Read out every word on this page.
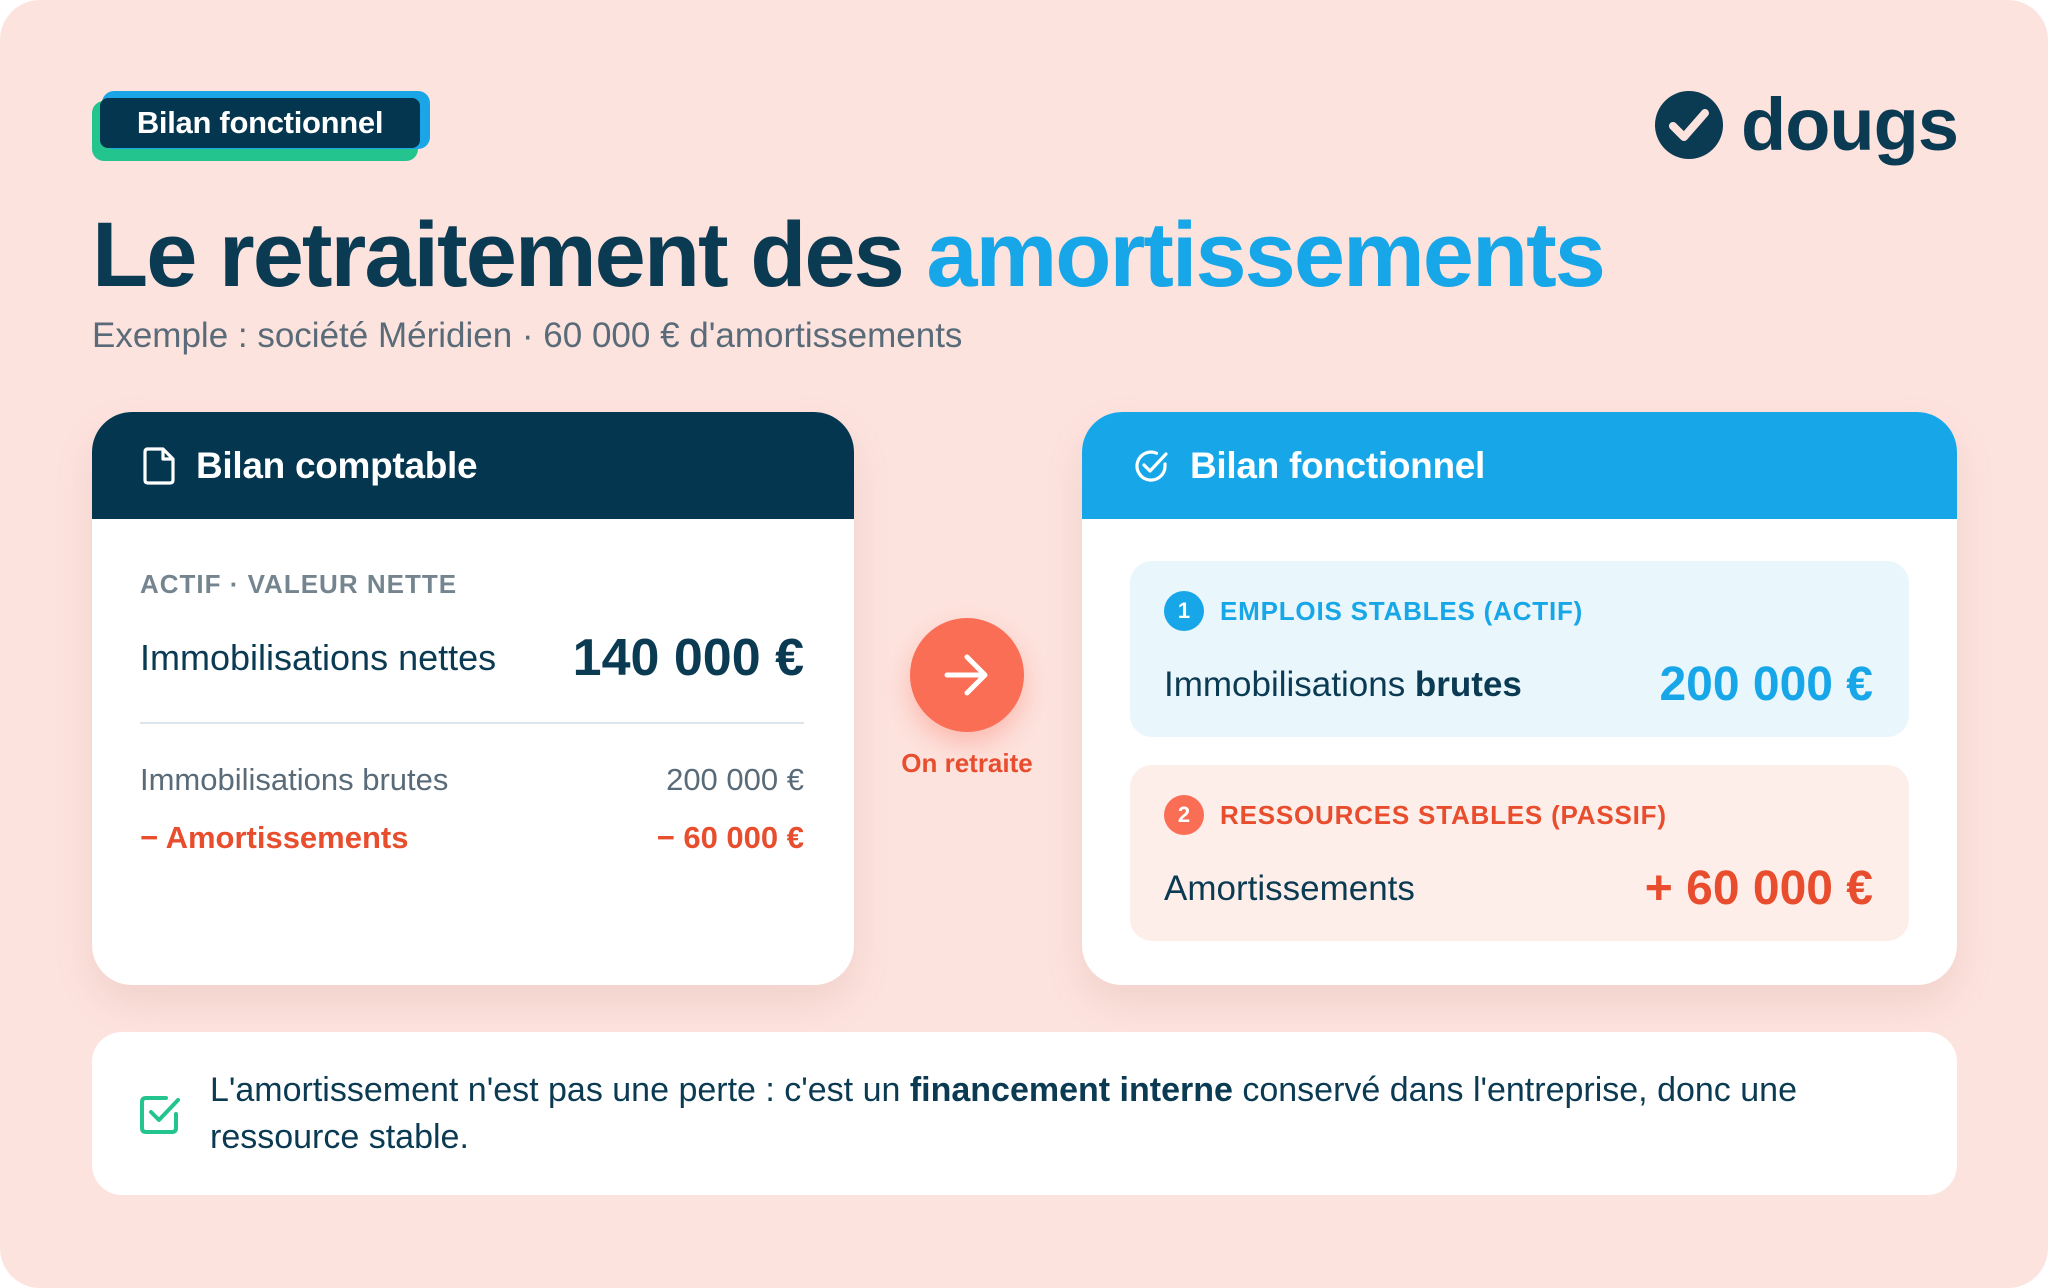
Bilan fonctionnel	dougs
Le retraitement des amortissements
Exemple : société Méridien · 60 000 € d'amortissements
Bilan comptable
ACTIF · VALEUR NETTE
Immobilisations nettes 140 000 €
Immobilisations brutes	200 000 €
− Amortissements	− 60 000 €
On retraite
Bilan fonctionnel
1	EMPLOIS STABLES (ACTIF)
Immobilisations brutes	200 000 €
2	RESSOURCES STABLES (PASSIF)
Amortissements	+ 60 000 €
L'amortissement n'est pas une perte : c'est un financement interne conservé dans l'entreprise, donc une ressource stable.
